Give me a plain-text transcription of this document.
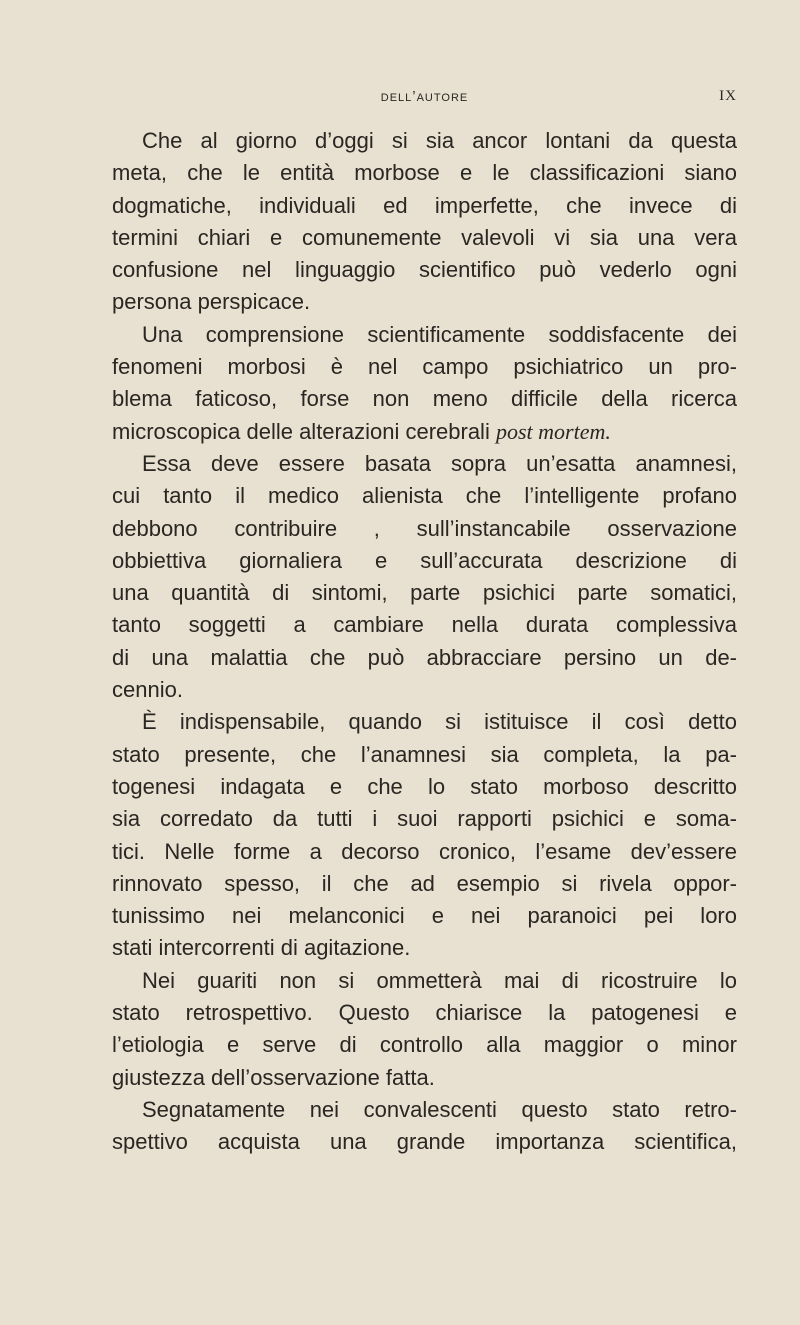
dell’autore	IX
Che al giorno d’oggi si sia ancor lontani da questa
meta, che le entità morbose e le classificazioni siano
dogmatiche, individuali ed imperfette, che invece di
termini chiari e comunemente valevoli vi sia una vera
confusione nel linguaggio scientifico può vederlo ogni
persona perspicace.
Una comprensione scientificamente soddisfacente dei
fenomeni morbosi è nel campo psichiatrico un pro-
blema faticoso, forse non meno difficile della ricerca
microscopica delle alterazioni cerebrali post mortem.
Essa deve essere basata sopra un’esatta anamnesi,
cui tanto il medico alienista che l’intelligente profano
debbono contribuire , sull’instancabile osservazione
obbiettiva giornaliera e sull’accurata descrizione di
una quantità di sintomi, parte psichici parte somatici,
tanto soggetti a cambiare nella durata complessiva
di una malattia che può abbracciare persino un de-
cennio.
È indispensabile, quando si istituisce il così detto
stato presente, che l’anamnesi sia completa, la pa-
togenesi indagata e che lo stato morboso descritto
sia corredato da tutti i suoi rapporti psichici e soma-
tici. Nelle forme a decorso cronico, l’esame dev’essere
rinnovato spesso, il che ad esempio si rivela oppor-
tunissimo nei melanconici e nei paranoici pei loro
stati intercorrenti di agitazione.
Nei guariti non si ommetterà mai di ricostruire lo
stato retrospettivo. Questo chiarisce la patogenesi e
l’etiologia e serve di controllo alla maggior o minor
giustezza dell’osservazione fatta.
Segnatamente nei convalescenti questo stato retro-
spettivo acquista una grande importanza scientifica,
